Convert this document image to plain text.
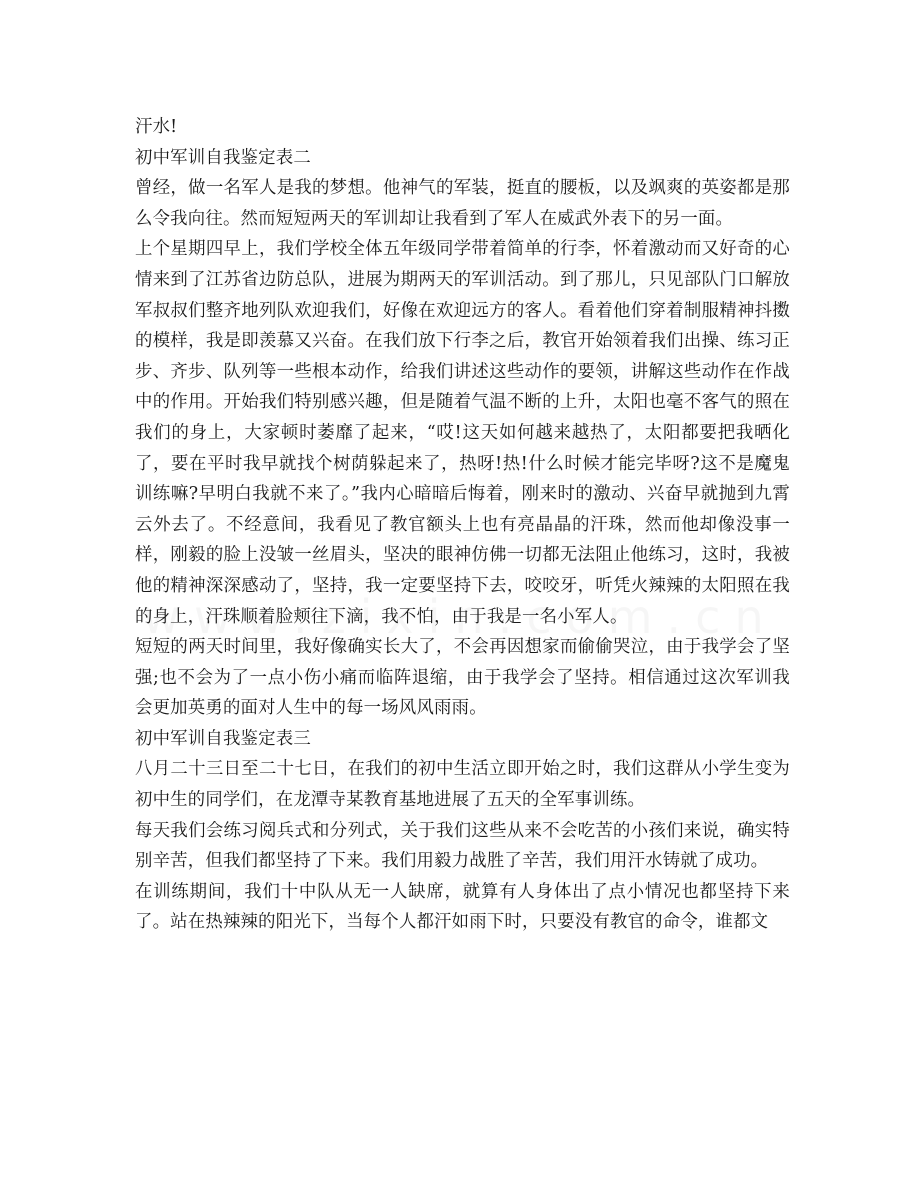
汗水!

初中军训自我鉴定表二

曾经，做一名军人是我的梦想。他神气的军装，挺直的腰板，以及飒爽的英姿都是那么令我向往。然而短短两天的军训却让我看到了军人在威武外表下的另一面。

上个星期四早上，我们学校全体五年级同学带着简单的行李，怀着激动而又好奇的心情来到了江苏省边防总队，进展为期两天的军训活动。到了那儿，只见部队门口解放军叔叔们整齐地列队欢迎我们，好像在欢迎远方的客人。看着他们穿着制服精神抖擞的模样，我是即羡慕又兴奋。在我们放下行李之后，教官开始领着我们出操、练习正步、齐步、队列等一些根本动作，给我们讲述这些动作的要领，讲解这些动作在作战中的作用。开始我们特别感兴趣，但是随着气温不断的上升，太阳也毫不客气的照在我们的身上，大家顿时萎靡了起来，“哎!这天如何越来越热了，太阳都要把我晒化了，要在平时我早就找个树荫躲起来了，热呀!热!什么时候才能完毕呀?这不是魔鬼训练嘛?早明白我就不来了。”我内心暗暗后悔着，刚来时的激动、兴奋早就抛到九霄云外去了。不经意间，我看见了教官额头上也有亮晶晶的汗珠，然而他却像没事一样，刚毅的脸上没皱一丝眉头，坚决的眼神仿佛一切都无法阻止他练习，这时，我被他的精神深深感动了，坚持，我一定要坚持下去，咬咬牙，听凭火辣辣的太阳照在我的身上，汗珠顺着脸颊往下滴，我不怕，由于我是一名小军人。

短短的两天时间里，我好像确实长大了，不会再因想家而偷偷哭泣，由于我学会了坚强;也不会为了一点小伤小痛而临阵退缩，由于我学会了坚持。相信通过这次军训我会更加英勇的面对人生中的每一场风风雨雨。

初中军训自我鉴定表三

八月二十三日至二十七日，在我们的初中生活立即开始之时，我们这群从小学生变为初中生的同学们，在龙潭寺某教育基地进展了五天的全军事训练。

每天我们会练习阅兵式和分列式，关于我们这些从来不会吃苦的小孩们来说，确实特别辛苦，但我们都坚持了下来。我们用毅力战胜了辛苦，我们用汗水铸就了成功。

在训练期间，我们十中队从无一人缺席，就算有人身体出了点小情况也都坚持下来了。站在热辣辣的阳光下，当每个人都汗如雨下时，只要没有教官的命令，谁都文
